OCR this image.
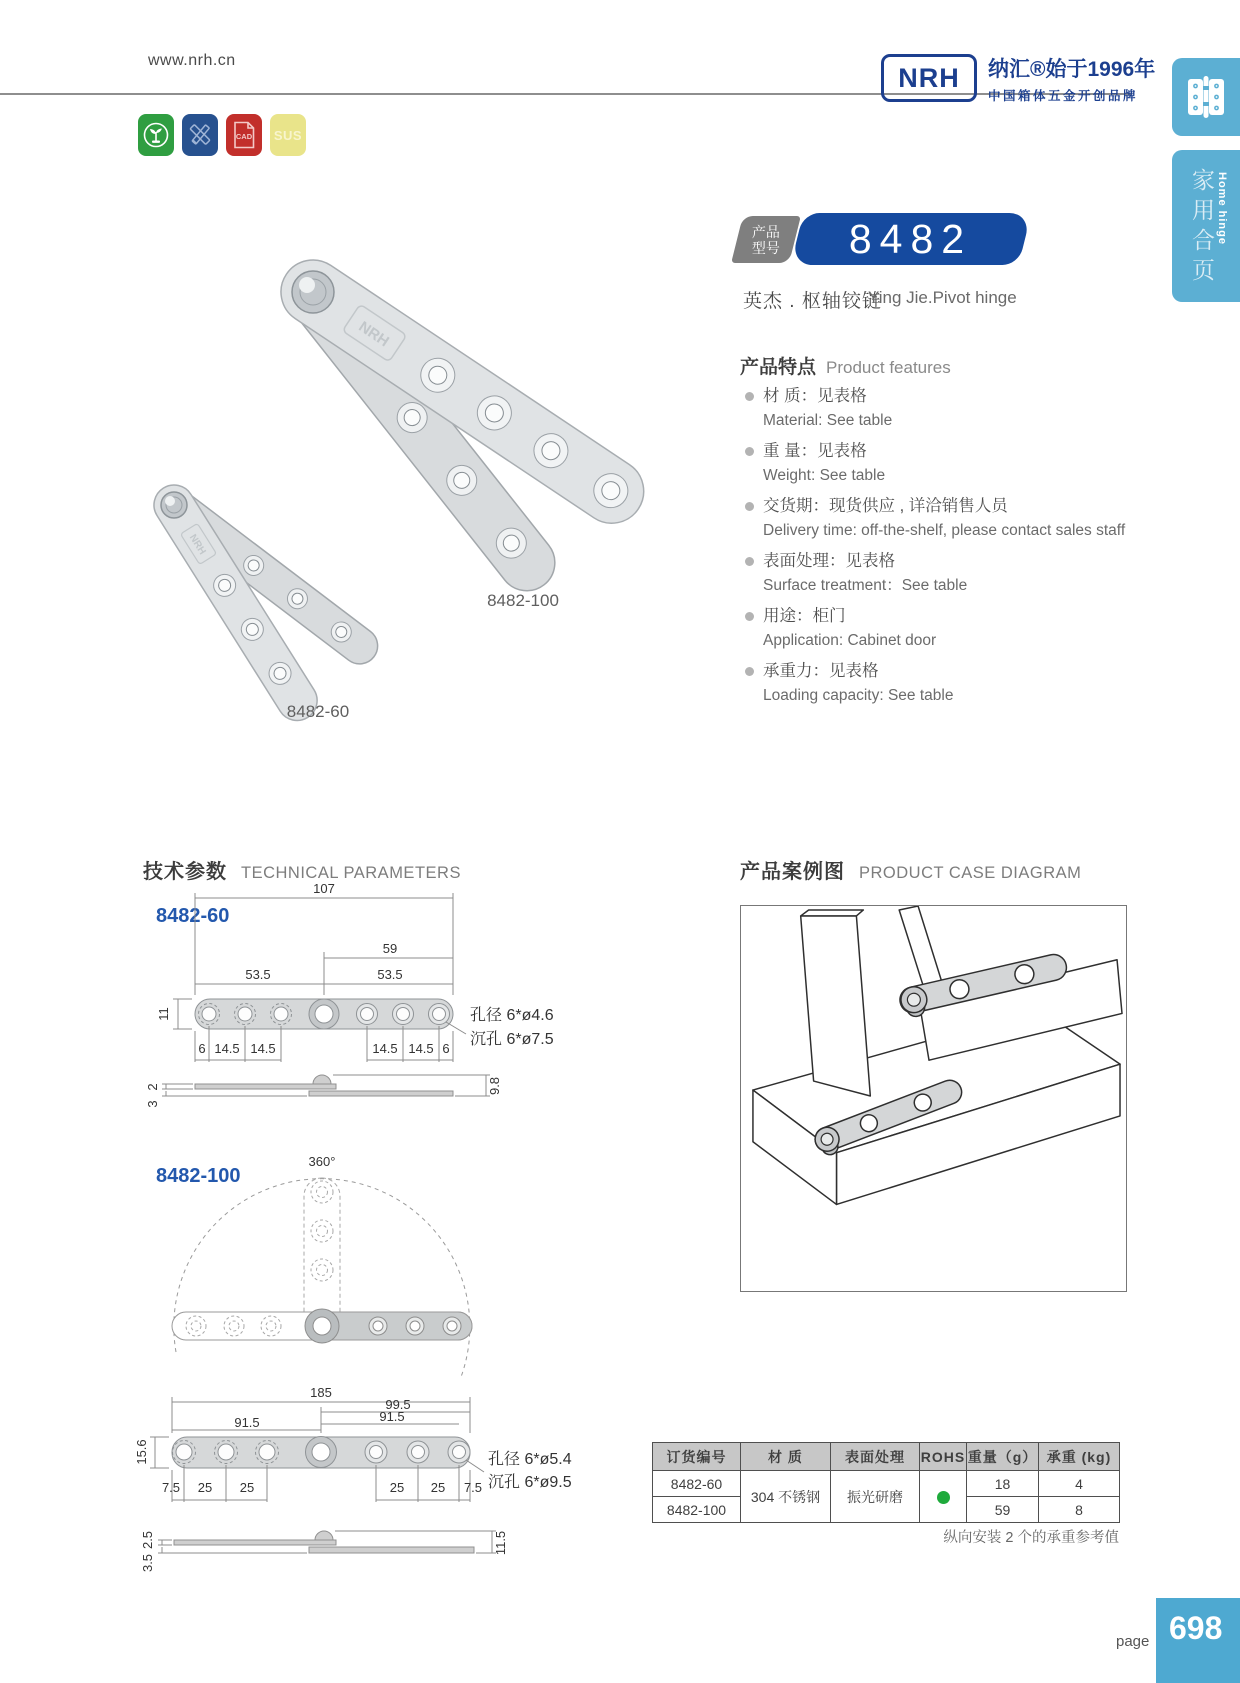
www.nrh.cn
NRH 纳汇®始于1996年
中国箱体五金开创品牌
家用合页 Home hinge
CAD SUS
NRH
NRH
8482-100
8482-60
产品
型号 8482
英杰 . 枢轴铰链
Ying Jie.Pivot hinge
产品特点 Product features
材 质：见表格
Material: See table
重 量：见表格
Weight: See table
交货期：现货供应 , 详洽销售人员
Delivery time: off-the-shelf, please contact sales staff
表面处理：见表格
Surface treatment：See table
用途：柜门
Application: Cabinet door
承重力：见表格
Loading capacity: See table
技术参数 TECHNICAL PARAMETERS	产品案例图 PRODUCT CASE DIAGRAM
8482-60
107
59
53.5	53.5
11
6 14.5 14.5	14.5 14.5 6
孔径 6*ø4.6
沉孔 6*ø7.5
2
3
9.8
8482-100
360°
185
99.5
91.5
91.5
15.6
7.5 25 25	25 25 7.5
孔径 6*ø5.4
沉孔 6*ø9.5
2.5
3.5
11.5
订货编号	材 质	表面处理	ROHS	重量（g）	承重 (kg)
8482-60	304 不锈钢	振光研磨		18	4
8482-100				59	8
纵向安装 2 个的承重参考值
page 698
